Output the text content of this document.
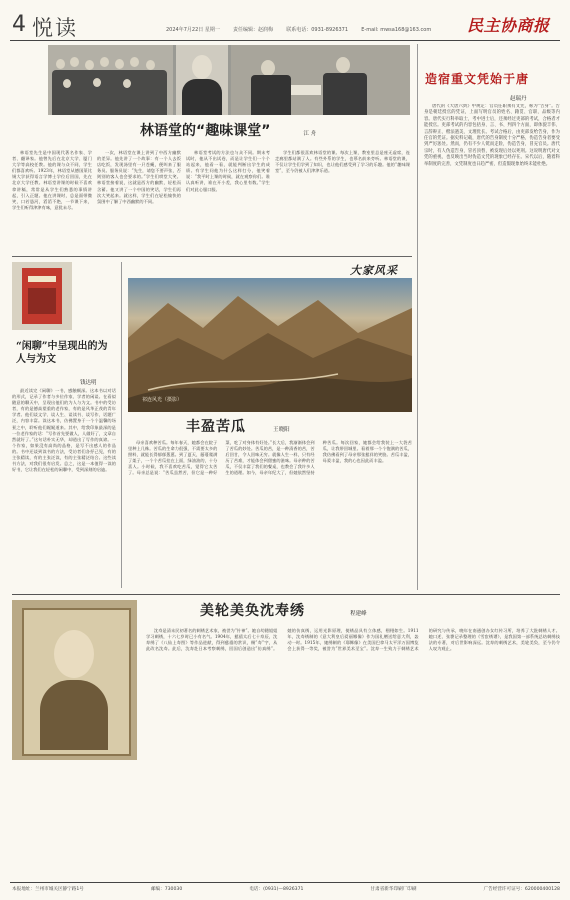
4 悦读	2024年7月22日 星期一	责任编辑：赵润梅	联系电话：0931-8926371	E-mail: mwsa168@163.com 民主协商报
林语堂的“趣味课堂”	江 舟

林语堂先生是中国现代著名作家、学者、翻译家。他曾先后在北京大学、厦门大学等高校任教。他的课与众不同，学生们都喜欢听。1923年，林语堂从德国莱比锡大学获得语言学博士学位后回国，先在北京大学任教。林语堂讲课的时候不喜欢拿讲稿，常常是从学生们熟悉的事情讲起，引入正题。他在讲课时，总是面带微笑，口若悬河，滔滔不绝，一节课下来，学生们听得津津有味，意犹未尽。

一次，林语堂在课上讲到了中西方幽默的差异。他先讲了一个故事：有一个人去饭店吃饭，发现汤里有一只苍蝇，便叫来了服务员。服务员说：“先生，请您不要声张，否则别的客人也会要求的。”学生们哄堂大笑。林语堂接着说，这就是西方的幽默，轻松而含蓄。他又讲了一个中国的笑话，学生们再次大笑起来。就这样，学生们在轻松愉快的氛围中了解了中西幽默的不同。

林语堂考试的方法也与众不同。期末考试时，他从不出试卷，而是让学生们一个个站起来，他看一看，就能判断出学生的成绩。有学生问他为什么这样打分，他笑着说：“我平时上课的时候，就在观察你们。谁认真听讲，谁在开小差，我心里有数。”学生们对此心服口服。

学生们都很喜欢林语堂的课。每次上课，教室里总是座无虚席，连走廊里都站满了人。有些外系的学生，也慕名前来旁听。林语堂的课，不仅让学生们学到了知识，也让他们感受到了学习的乐趣。他的“趣味课堂”，至今仍被人们津津乐道。

造宿重文凭始于唐
赵瑞丹

唐代的《大唐六典》中规定：官员任职须有文凭，称为“告身”。告身是朝廷授官的凭证，上面写明官员的姓名、籍贯、官职、品级等内容。唐代实行科举取士，考中进士后，还须经过吏部的考试，合格者才能授官。吏部考试的内容包括身、言、书、判四个方面，即体貌丰伟、言辞辩正、楷法遒美、文理优长。考试合格后，由吏部发给告身，作为任官的凭证。据史料记载，唐代的告身制度十分严格，伪造告身者要受到严厉惩处。然而，仍有不少人铤而走险，伪造告身，冒充官员。唐代宗时，有人伪造告身，冒名顶替，被发现后处以死刑。这说明唐代对文凭的重视，也反映出当时伪造文凭的现象已经存在。宋代以后，随着科举制度的完善，文凭制度也日趋严密，但造假现象始终未能杜绝。

“闲聊”中呈现出的为人与为文
钱达明

最近读完《闲聊》一书，感触颇深。这本书以对话的形式，记录了作者与多位作家、学者的闲谈。在看似随意的聊天中，呈现出他们的为人与为文。书中的受访者，有的是德高望重的老作家，有的是风华正茂的青年学者。他们谈文学、谈人生、谈读书、谈写作，话题广泛，内容丰富。读这本书，仿佛置身于一个个温馨的场景之中，聆听他们娓娓道来。其中，给我印象最深的是一位老作家的话：“写作首先要做人，人做好了，文章自然就好了。”这句话朴实无华，却道出了写作的真谛。一个作家，如果没有高尚的品格，是写不出感人的作品的。书中还谈到读书的方法，受访者们各抒己见，有的主张精读，有的主张泛读，有的主张精泛结合。这些读书方法，对我们很有启发。总之，这是一本值得一读的好书，它让我们在轻松的闲聊中，受到深刻的启迪。

大家风采
祁连风光（摄影）
丰盈苦瓜	王晓阳

母亲喜欢种苦瓜。每年春天，她都会在院子里种上几株。苦瓜的生命力很强，不需要太多的照料，就能长得郁郁葱葱。到了夏天，藤蔓爬满了架子，一个个苦瓜挂在上面，绿油油的，十分喜人。小时候，我不喜欢吃苦瓜，觉得它太苦了。母亲总是说：“苦瓜虽然苦，但它是一种好菜，吃了对身体有好处。”长大后，我渐渐体会到了苦瓜的妙处。苦瓜的苦，是一种清香的苦，苦后回甘，令人回味无穷。就像人生一样，只有经历了苦难，才能体会到甜蜜的滋味。母亲种的苦瓜，不仅丰富了我们的餐桌，也教会了我许多人生的道理。如今，母亲年纪大了，但她依然坚持种苦瓜。每次回家，她都会给我装上一大袋苦瓜，让我带回城里。看着那一个个饱满的苦瓜，我仿佛看到了母亲那张慈祥的笑脸。苦瓜丰盈，母爱丰盈，我的心也因此而丰盈。

美轮美奂沈寿绣	程建峰

沈寿是清末民初著名的刺绣艺术家，被誉为“针神”。她自幼随姐姐学习刺绣，十六七岁时已小有名气。1904年，慈禧太后七十寿辰，沈寿绣了《八仙上寿图》等作品进献，得到慈禧的赏识，赐“寿”字，从此改名沈寿。此后，沈寿赴日本考察刺绣，回国后创造出“仿真绣”。她的仿真绣，运用光影原理，使绣品具有立体感，栩栩如生。1911年，沈寿绣制的《意大利皇后爱丽娜像》作为国礼赠送给意大利，轰动一时。1915年，她绣制的《耶稣像》在美国巴拿马太平洋万国博览会上获得一等奖，被誉为“世界美术至宝”。沈寿一生致力于刺绣艺术的研究与传承，晚年在南通创办女红传习所，培养了大批刺绣人才。她口述、张謇记录整理的《雪宦绣谱》，是我国第一部系统总结刺绣技法的专著，对后世影响深远。沈寿的刺绣艺术，美轮美奂，至今仍令人叹为观止。

本报地址：兰州市城关区静宁路1号	邮编：730030	电话：(0931)—8926371	甘肃省新华印刷厂印刷	广告经营许可证号：620000400128
